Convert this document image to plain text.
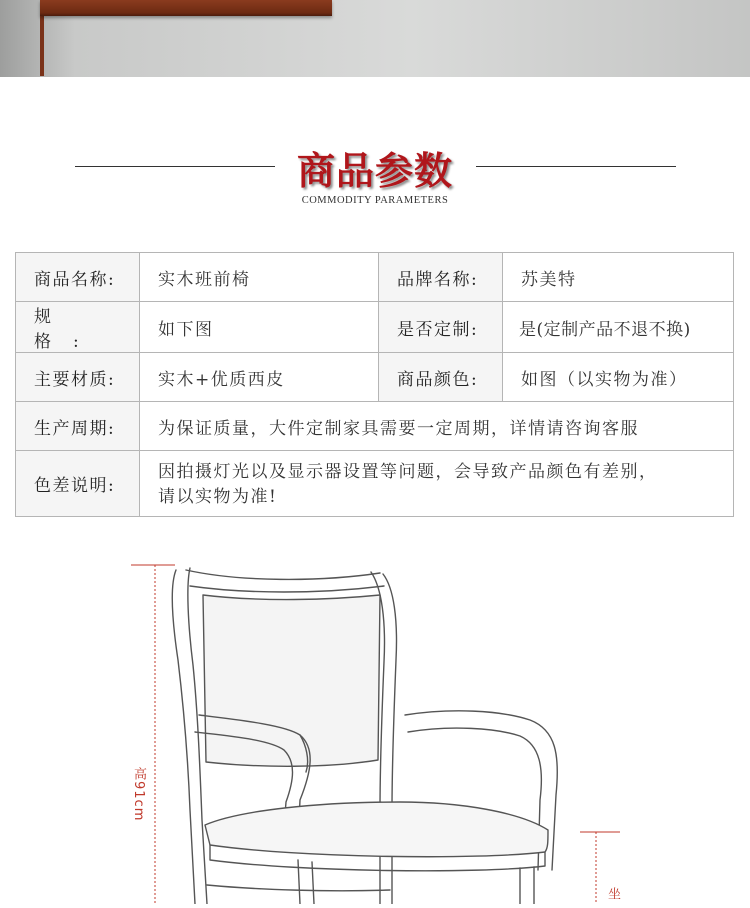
商品参数
COMMODITY PARAMETERS
商品名称:	实木班前椅	品牌名称:	苏美特
规格:	如下图	是否定制:	是(定制产品不退不换)
主要材质:	实木+优质西皮	商品颜色:	如图（以实物为准）
生产周期:	为保证质量，大件定制家具需要一定周期，详情请咨询客服		
色差说明:	因拍摄灯光以及显示器设置等问题，会导致产品颜色有差别，
请以实物为准!		
高91cm
坐
